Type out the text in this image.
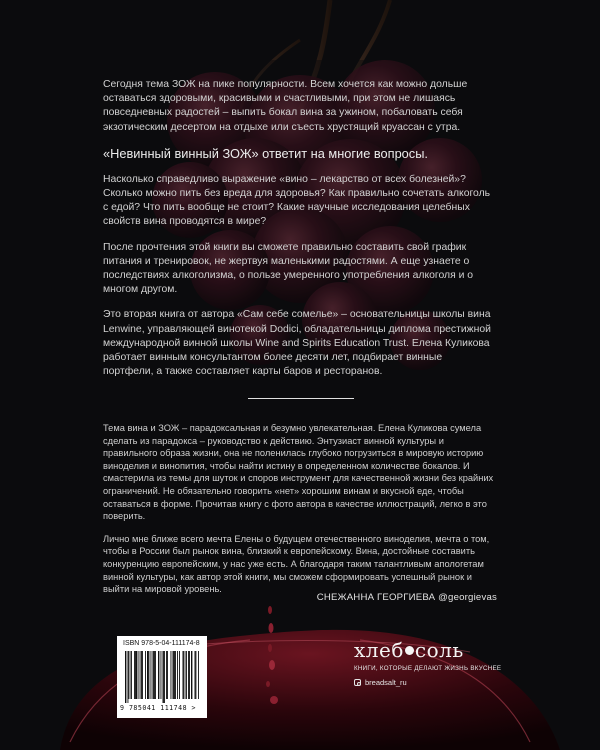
Сегодня тема ЗОЖ на пике популярности. Всем хочется как можно дольше оставаться здоровыми, красивыми и счастливыми, при этом не лишаясь повседневных радостей – выпить бокал вина за ужином, побаловать себя экзотическим десертом на отдыхе или съесть хрустящий круассан с утра.

«Невинный винный ЗОЖ» ответит на многие вопросы.

Насколько справедливо выражение «вино – лекарство от всех болезней»? Сколько можно пить без вреда для здоровья? Как правильно сочетать алкоголь с едой? Что пить вообще не стоит? Какие научные исследования целебных свойств вина проводятся в мире?

После прочтения этой книги вы сможете правильно составить свой график питания и тренировок, не жертвуя маленькими радостями. А еще узнаете о последствиях алкоголизма, о пользе умеренного употребления алкоголя и о многом другом.

Это вторая книга от автора «Сам себе сомелье» – основательницы школы вина Lenwine, управляющей винотекой Dodici, обладательницы диплома престижной международной винной школы Wine and Spirits Education Trust. Елена Куликова работает винным консультантом более десяти лет, подбирает винные портфели, а также составляет карты баров и ресторанов.

Тема вина и ЗОЖ – парадоксальная и безумно увлекательная. Елена Куликова сумела сделать из парадокса – руководство к действию. Энтузиаст винной культуры и правильного образа жизни, она не поленилась глубоко погрузиться в мировую историю виноделия и винопития, чтобы найти истину в определенном количестве бокалов. И смастерила из темы для шуток и споров инструмент для качественной жизни без крайних ограничений. Не обязательно говорить «нет» хорошим винам и вкусной еде, чтобы оставаться в форме. Прочитав книгу с фото автора в качестве иллюстраций, легко в это поверить.

Лично мне ближе всего мечта Елены о будущем отечественного виноделия, мечта о том, чтобы в России был рынок вина, близкий к европейскому. Вина, достойные составить конкуренцию европейским, у нас уже есть. А благодаря таким талантливым апологетам винной культуры, как автор этой книги, мы сможем сформировать успешный рынок и выйти на мировой уровень.

СНЕЖАННА ГЕОРГИЕВА @georgievas
ISBN 978-5-04-111174-8
9 785041 111748 >
хлеб соль
КНИГИ, КОТОРЫЕ ДЕЛАЮТ ЖИЗНЬ ВКУСНЕЕ
breadsalt_ru
